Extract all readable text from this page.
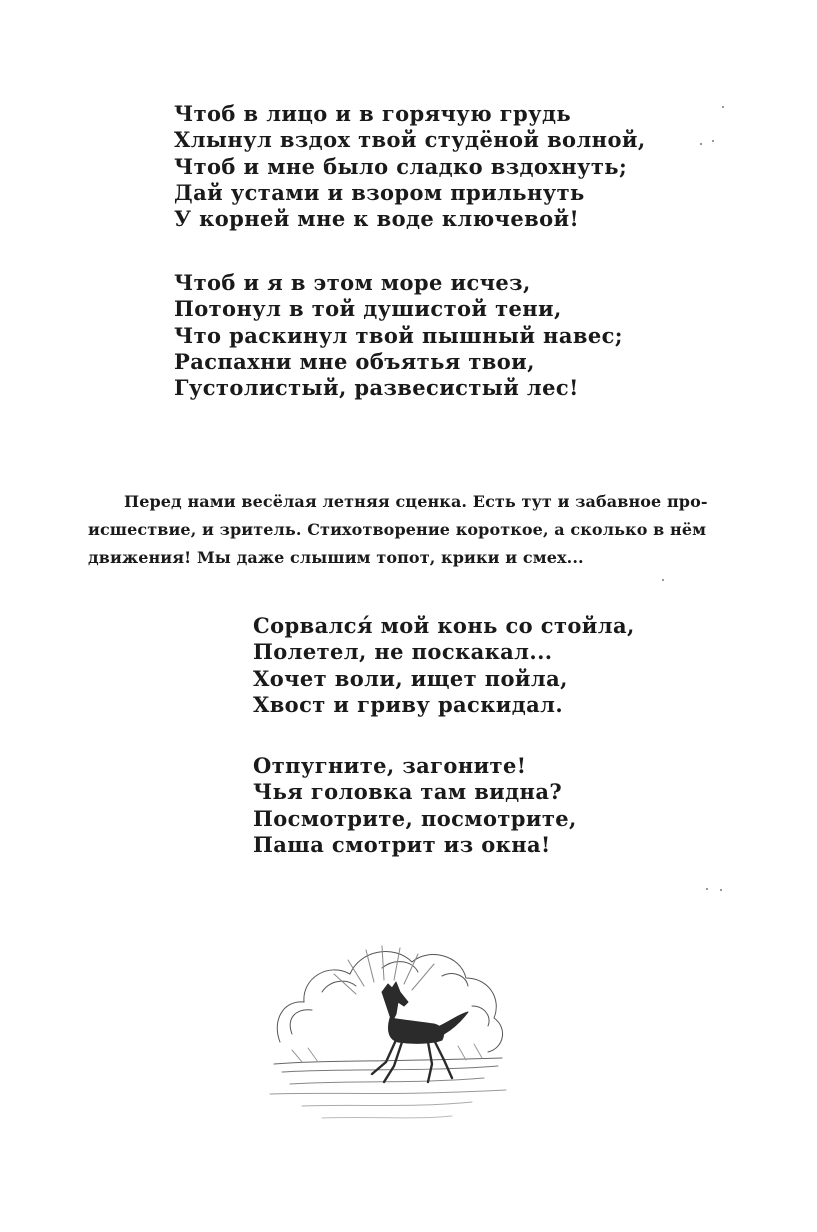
Чтоб в лицо и в горячую грудь
Хлынул вздох твой студёной волной,
Чтоб и мне было сладко вздохнуть;
Дай устами и взором прильнуть
У корней мне к воде ключевой!
Чтоб и я в этом море исчез,
Потонул в той душистой тени,
Что раскинул твой пышный навес;
Распахни мне объятья твои,
Густолистый, развесистый лес!
Перед нами весёлая летняя сценка. Есть тут и забавное про-
исшествие, и зритель. Стихотворение короткое, а сколько в нём
движения! Мы даже слышим топот, крики и смех...
Сорвалcя́ мой конь со стойла,
Полетел, не поскакал...
Хочет воли, ищет пойла,
Хвост и гриву раскидал.
Отпугните, загоните!
Чья головка там видна?
Посмотрите, посмотрите,
Паша смотрит из окна!
